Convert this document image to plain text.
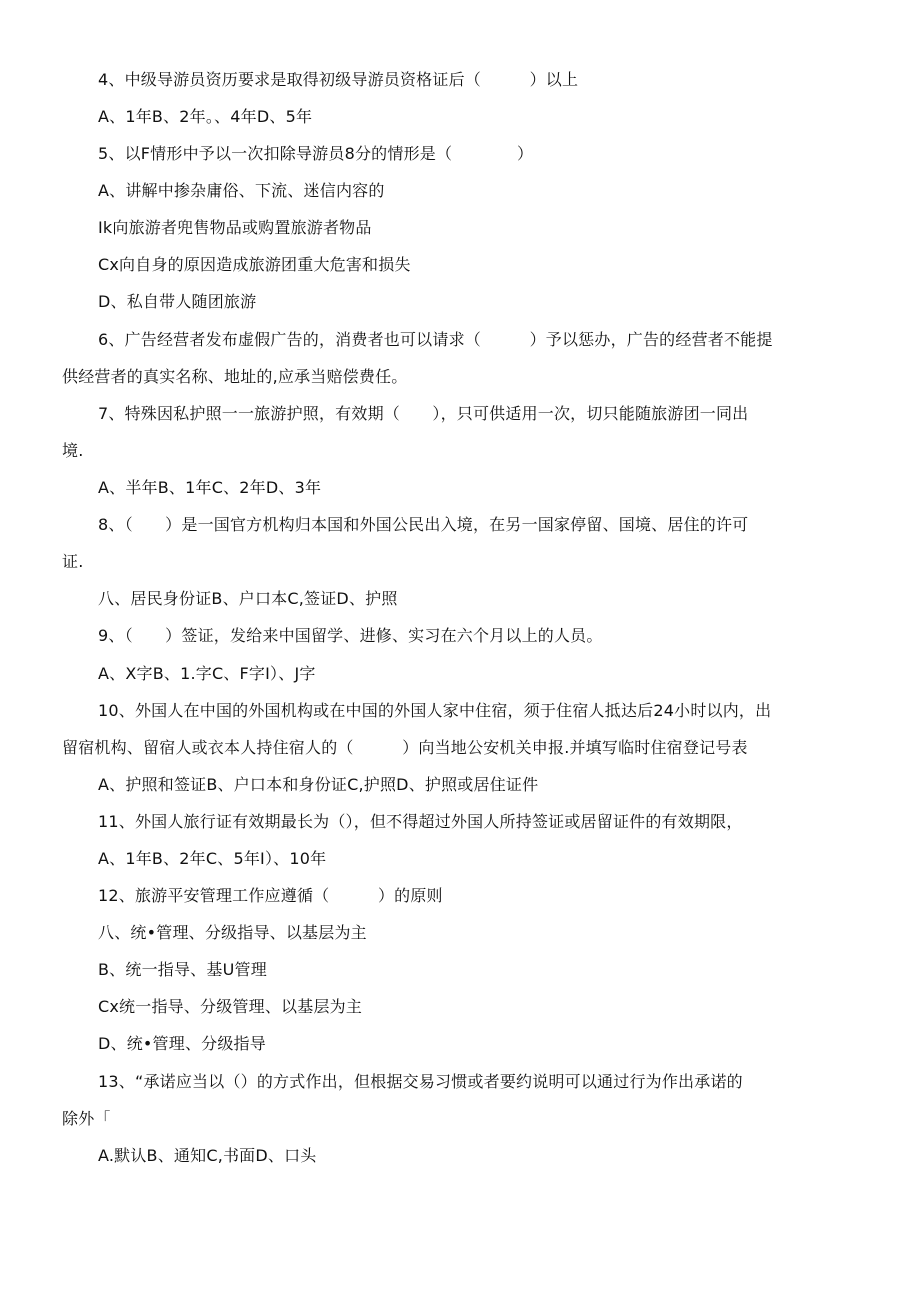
4、中级导游员资历要求是取得初级导游员资格证后（　　　）以上
A、1年B、2年。、4年D、5年
5、以F情形中予以一次扣除导游员8分的情形是（　　　　）
A、讲解中掺杂庸俗、下流、迷信内容的
Ik向旅游者兜售物品或购置旅游者物品
Cx向自身的原因造成旅游团重大危害和损失
D、私自带人随团旅游
6、广告经营者发布虚假广告的，消费者也可以请求（　　　）予以惩办，广告的经营者不能提
供经营者的真实名称、地址的,应承当赔偿费任。
7、特殊因私护照一一旅游护照，有效期（　　），只可供适用一次，切只能随旅游团一同出
境.
A、半年B、1年C、2年D、3年
8、（　　）是一国官方机构归本国和外国公民出入境，在另一国家停留、国境、居住的许可
证.
八、居民身份证B、户口本C,签证D、护照
9、（　　）签证，发给来中国留学、进修、实习在六个月以上的人员。
A、X字B、1.字C、F字I）、J字
10、外国人在中国的外国机构或在中国的外国人家中住宿，须于住宿人抵达后24小时以内，出
留宿机构、留宿人或衣本人持住宿人的（　　　）向当地公安机关申报.并填写临时住宿登记号表
A、护照和签证B、户口本和身份证C,护照D、护照或居住证件
11、外国人旅行证有效期最长为（），但不得超过外国人所持签证或居留证件的有效期限，
A、1年B、2年C、5年I）、10年
12、旅游平安管理工作应遵循（　　　）的原则
八、统•管理、分级指导、以基层为主
B、统一指导、基U管理
Cx统一指导、分级管理、以基层为主
D、统•管理、分级指导
13、“承诺应当以（）的方式作出，但根据交易习惯或者要约说明可以通过行为作出承诺的
除外「
A.默认B、通知C,书面D、口头
